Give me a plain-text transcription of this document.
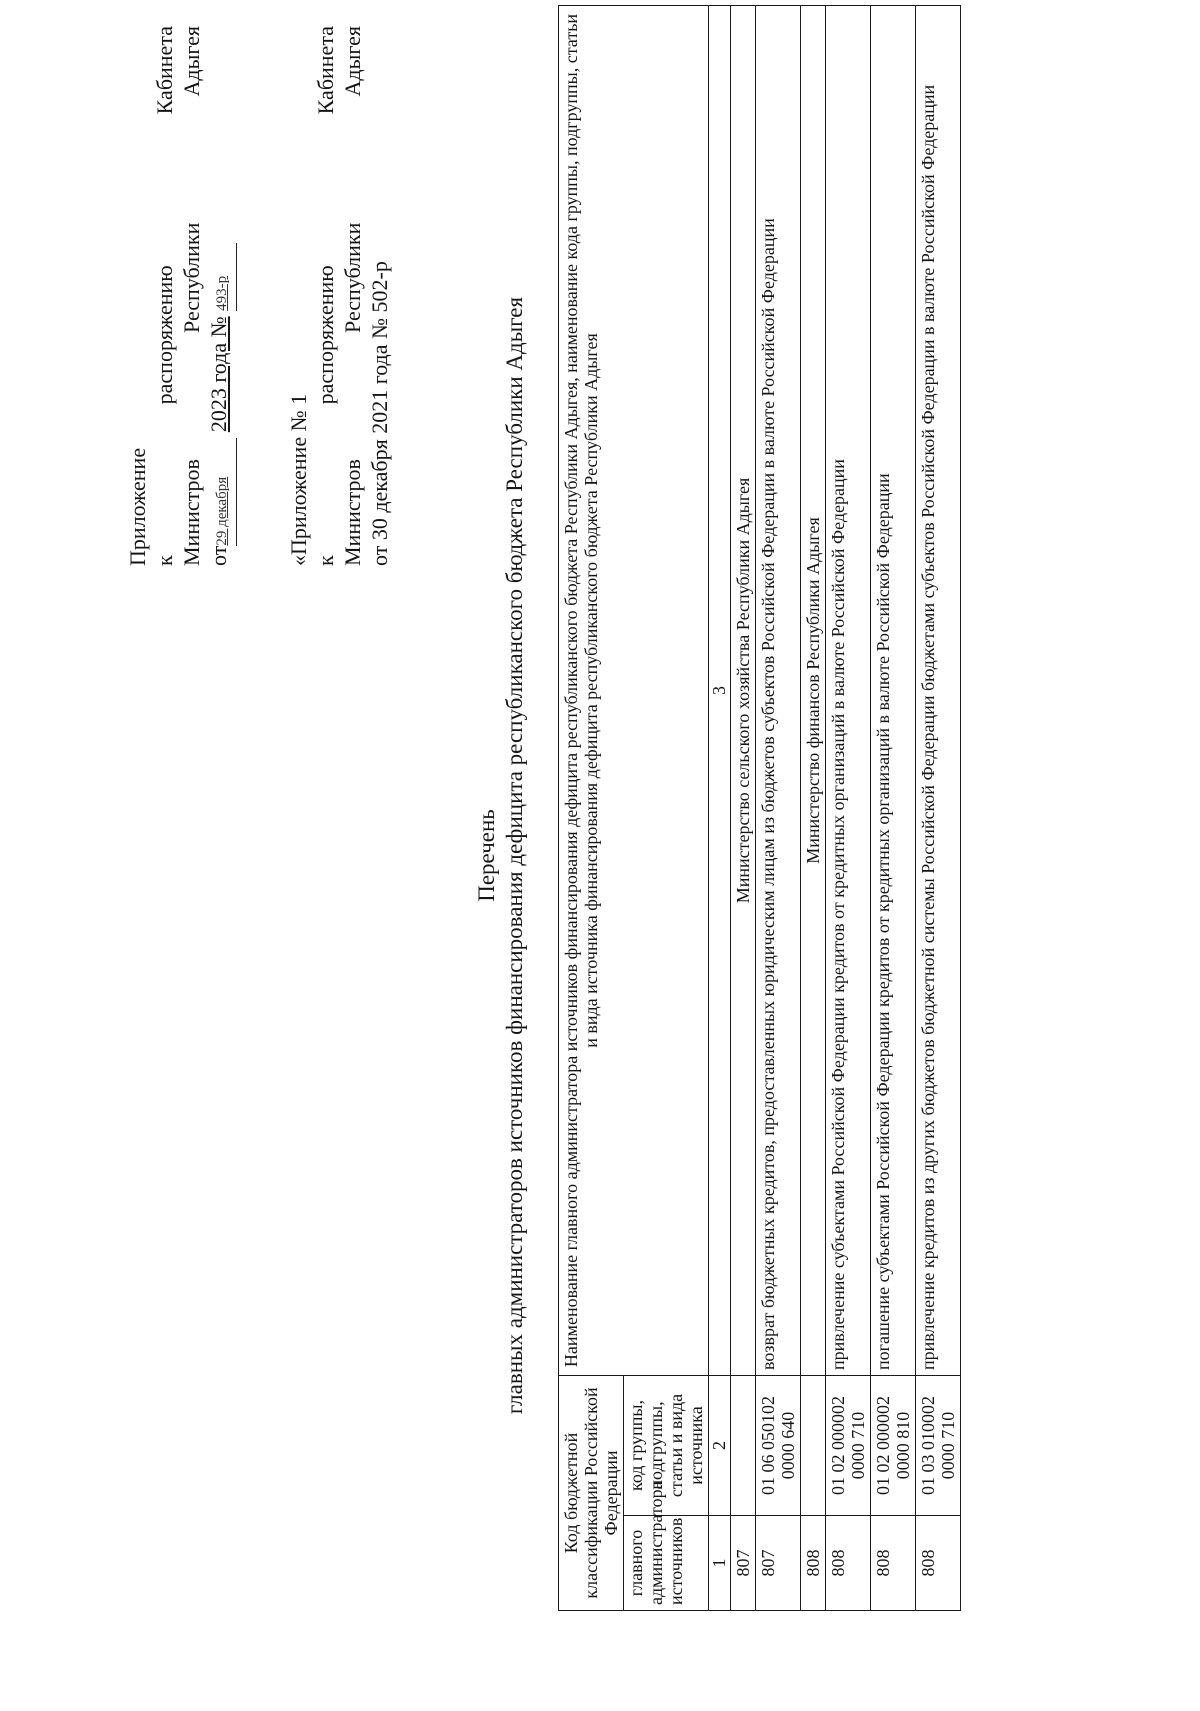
Приложение к
распоряжению
Кабинета
Министров
Республики
Адыгея
от29 декабря 2023 года № 493-р
«Приложение № 1 к
распоряжению
Кабинета
Министров
Республики
Адыгея
от 30 декабря 2021 года № 502-р
Перечень главных администраторов источников финансирования дефицита республиканского бюджета Республики Адыгея
Код бюджетной классификации Российской Федерации		Наименование главного администратора источников финансирования дефицита республиканского бюджета Республики Адыгея, наименование кода группы, подгруппы, статьи и вида источника финансирования дефицита республиканского бюджета Республики Адыгея
главного администратора источников	код группы, подгруппы, статьи и вида источника	
1	2	3
807		Министерство сельского хозяйства Республики Адыгея
807	01 06 050102 0000 640	возврат бюджетных кредитов, предоставленных юридическим лицам из бюджетов субъектов Российской Федерации в валюте Российской Федерации
808		Министерство финансов Республики Адыгея
808	01 02 000002 0000 710	привлечение субъектами Российской Федерации кредитов от кредитных организаций в валюте Российской Федерации
808	01 02 000002 0000 810	погашение субъектами Российской Федерации кредитов от кредитных организаций в валюте Российской Федерации
808	01 03 010002 0000 710	привлечение кредитов из других бюджетов бюджетной системы Российской Федерации бюджетами субъектов Российской Федерации в валюте Российской Федерации
